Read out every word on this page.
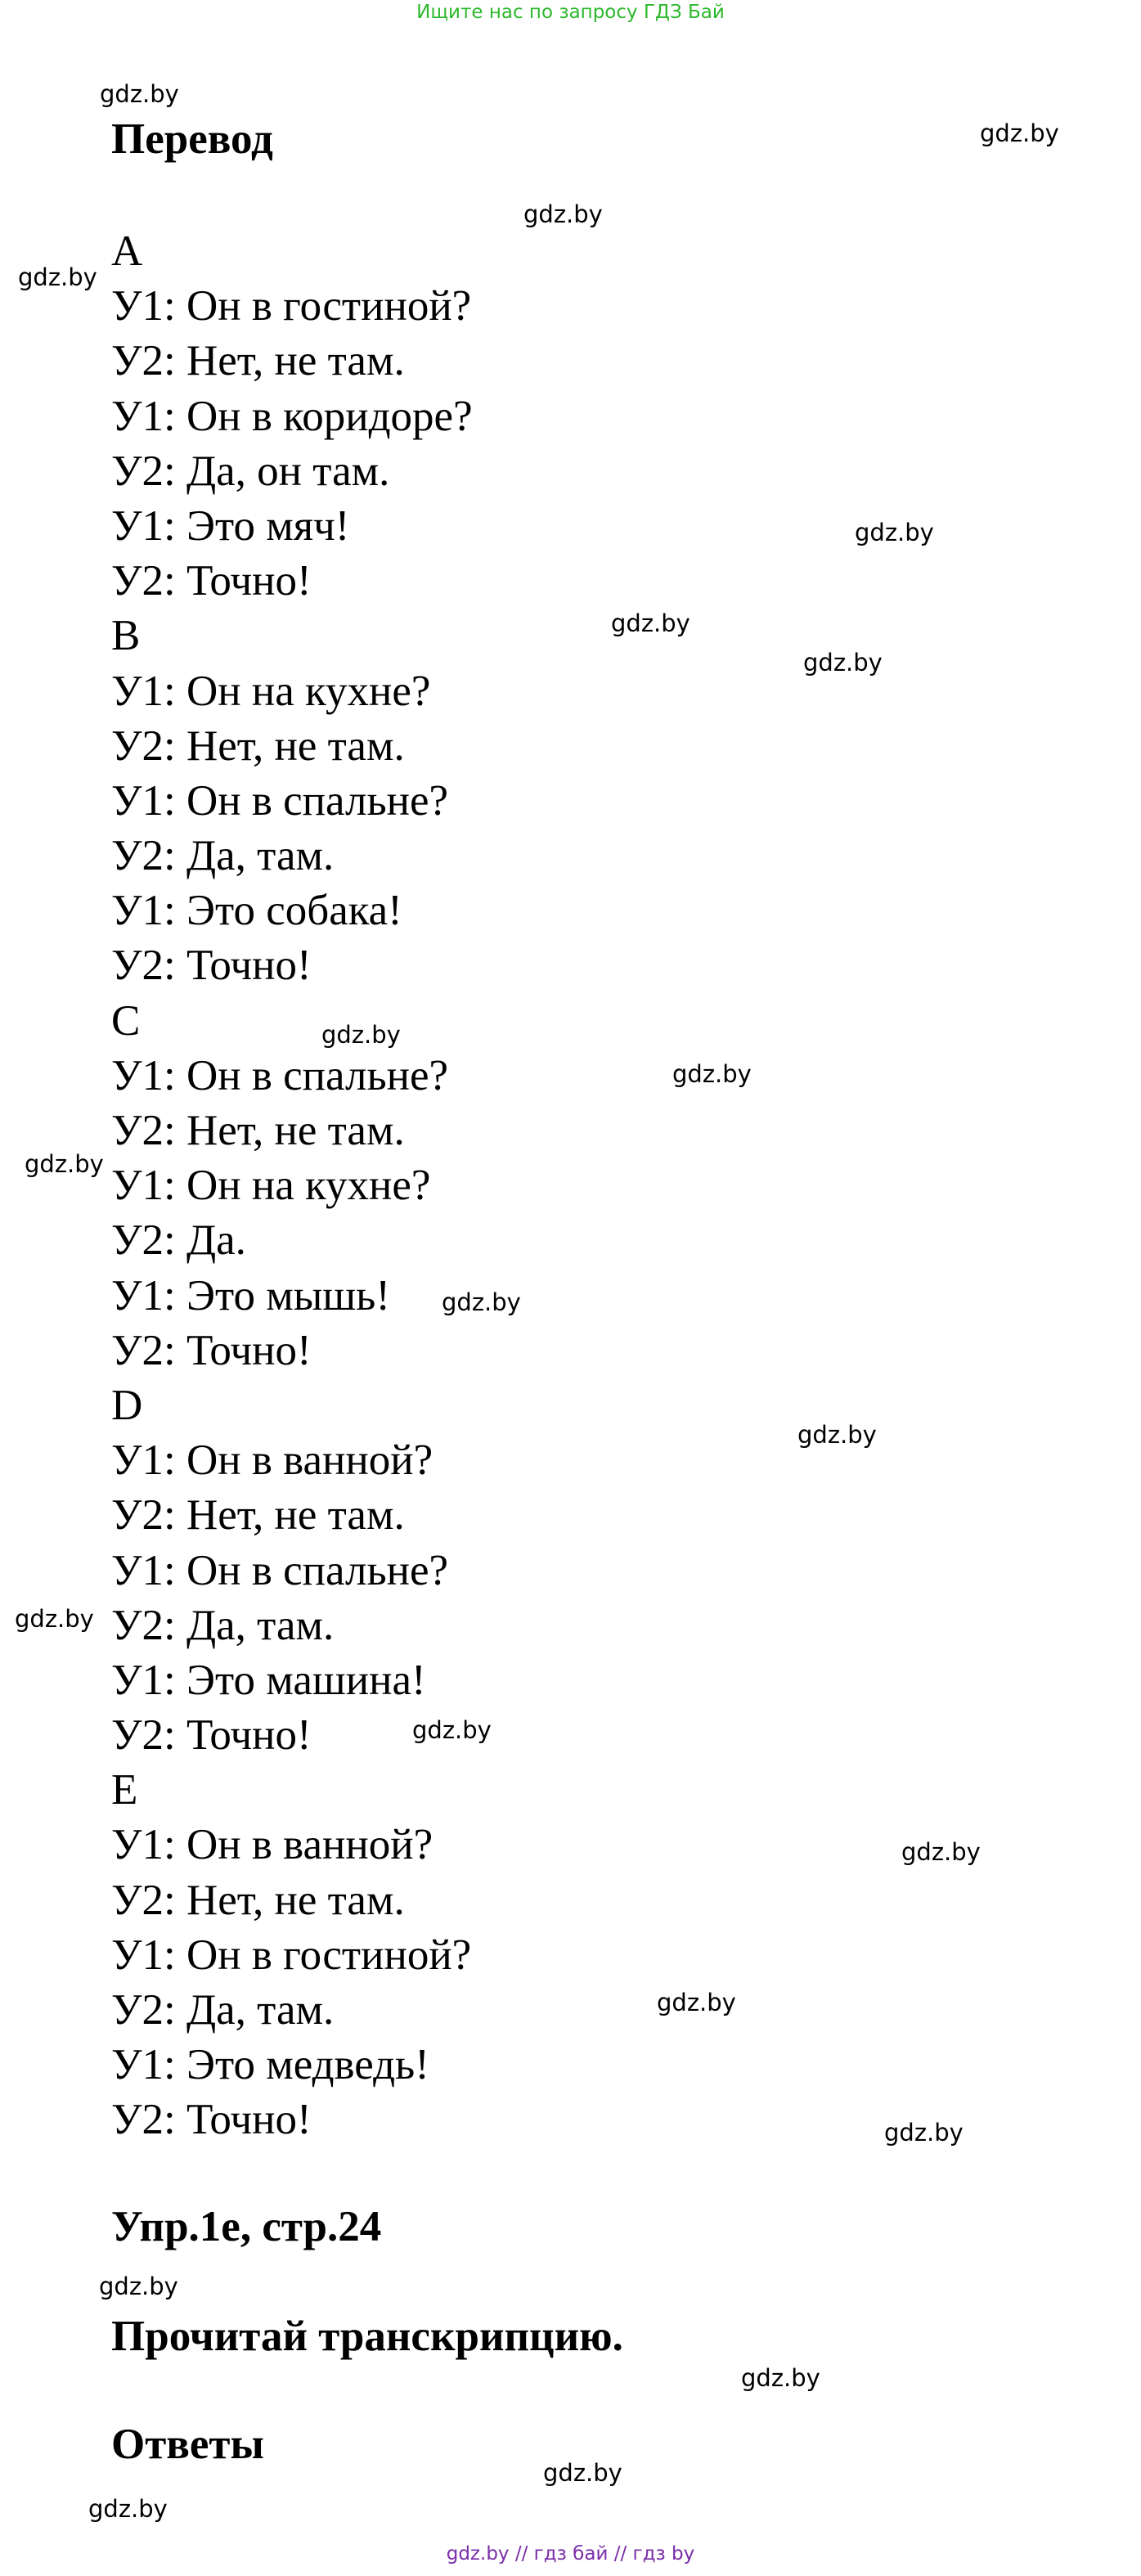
Ищите нас по запросу ГДЗ Бай
gdz.by
gdz.by
gdz.by
gdz.by
gdz.by
gdz.by
gdz.by
gdz.by
gdz.by
gdz.by
gdz.by
gdz.by
gdz.by
gdz.by
gdz.by
gdz.by
gdz.by
gdz.by
gdz.by
gdz.by
gdz.by
Перевод
A
У1: Он в гостиной?
У2: Нет, не там.
У1: Он в коридоре?
У2: Да, он там.
У1: Это мяч!
У2: Точно!
B
У1: Он на кухне?
У2: Нет, не там.
У1: Он в спальне?
У2: Да, там.
У1: Это собака!
У2: Точно!
C
У1: Он в спальне?
У2: Нет, не там.
У1: Он на кухне?
У2: Да.
У1: Это мышь!
У2: Точно!
D
У1: Он в ванной?
У2: Нет, не там.
У1: Он в спальне?
У2: Да, там.
У1: Это машина!
У2: Точно!
E
У1: Он в ванной?
У2: Нет, не там.
У1: Он в гостиной?
У2: Да, там.
У1: Это медведь!
У2: Точно!
Упр.1е, стр.24
Прочитай транскрипцию.
Ответы
gdz.by // гдз бай // гдз by
